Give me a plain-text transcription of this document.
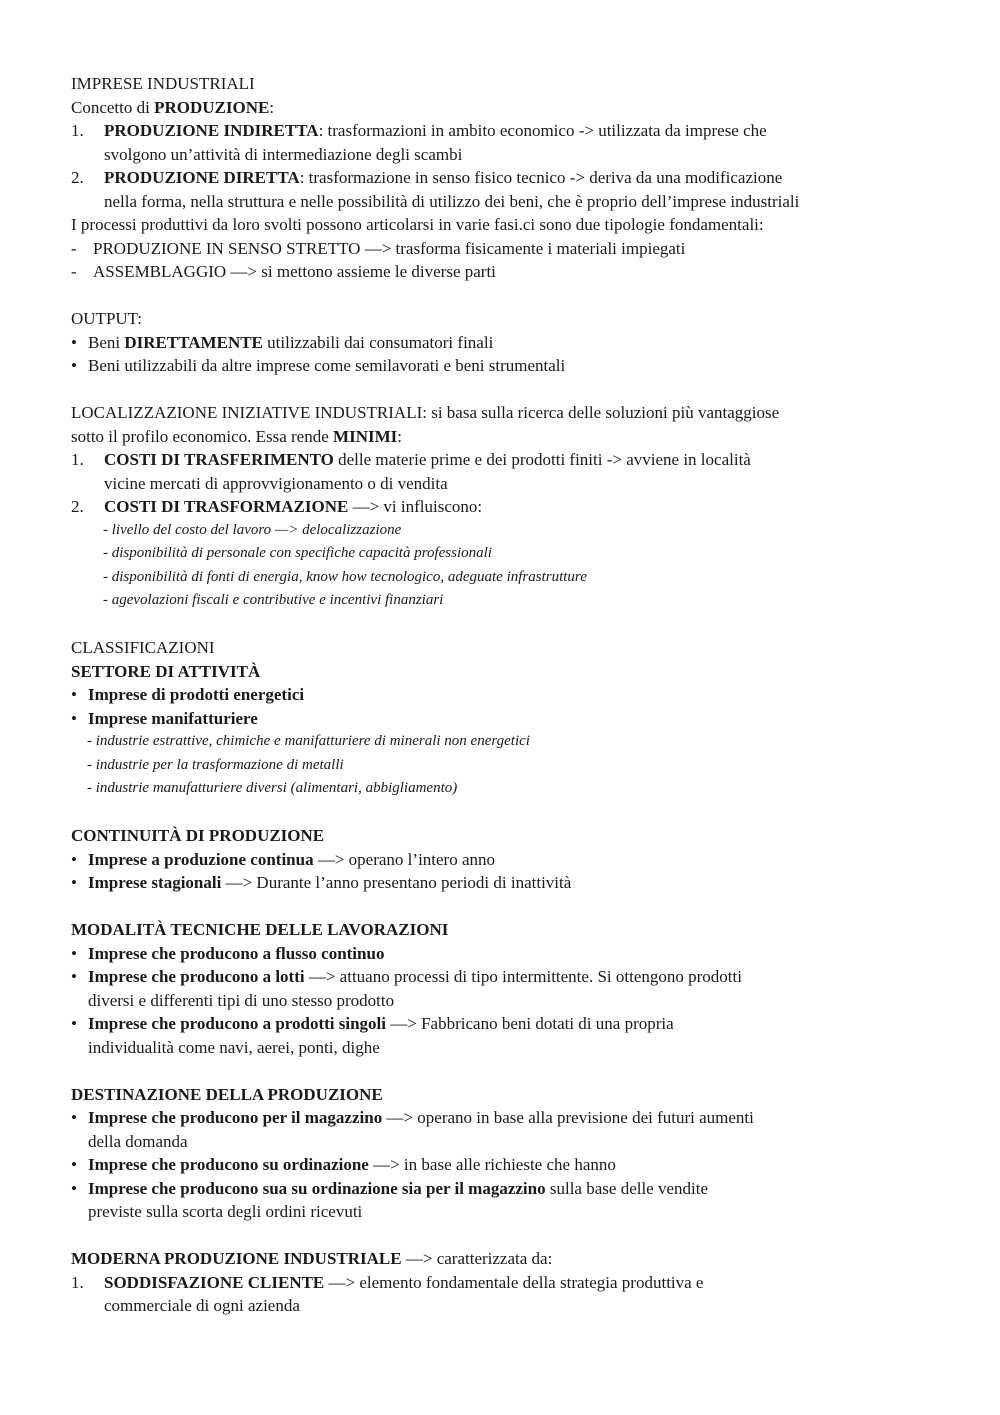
IMPRESE INDUSTRIALI
Concetto di PRODUZIONE:
1. PRODUZIONE INDIRETTA: trasformazioni in ambito economico -> utilizzata da imprese che
svolgono un’attività di intermediazione degli scambi
2. PRODUZIONE DIRETTA: trasformazione in senso fisico tecnico -> deriva da una modificazione
nella forma, nella struttura e nelle possibilità di utilizzo dei beni, che è proprio dell’imprese industriali
I processi produttivi da loro svolti possono articolarsi in varie fasi.ci sono due tipologie fondamentali:
- PRODUZIONE IN SENSO STRETTO —> trasforma fisicamente i materiali impiegati
- ASSEMBLAGGIO —> si mettono assieme le diverse parti
OUTPUT:
• Beni DIRETTAMENTE utilizzabili dai consumatori finali
• Beni utilizzabili da altre imprese come semilavorati e beni strumentali
LOCALIZZAZIONE INIZIATIVE INDUSTRIALI: si basa sulla ricerca delle soluzioni più vantaggiose
sotto il profilo economico. Essa rende MINIMI:
1. COSTI DI TRASFERIMENTO delle materie prime e dei prodotti finiti -> avviene in località
vicine mercati di approvvigionamento o di vendita
2. COSTI DI TRASFORMAZIONE —> vi influiscono:
- livello del costo del lavoro —> delocalizzazione
- disponibilità di personale con specifiche capacità professionali
- disponibilità di fonti di energia, know how tecnologico, adeguate infrastrutture
- agevolazioni fiscali e contributive e incentivi finanziari
CLASSIFICAZIONI
SETTORE DI ATTIVITÀ
• Imprese di prodotti energetici
• Imprese manifatturiere
- industrie estrattive, chimiche e manifatturiere di minerali non energetici
- industrie per la trasformazione di metalli
- industrie manufatturiere diversi (alimentari, abbigliamento)
CONTINUITÀ DI PRODUZIONE
• Imprese a produzione continua —> operano l’intero anno
• Imprese stagionali —> Durante l’anno presentano periodi di inattività
MODALITÀ TECNICHE DELLE LAVORAZIONI
• Imprese che producono a flusso continuo
• Imprese che producono a lotti —> attuano processi di tipo intermittente. Si ottengono prodotti
diversi e differenti tipi di uno stesso prodotto
• Imprese che producono a prodotti singoli —> Fabbricano beni dotati di una propria
individualità come navi, aerei, ponti, dighe
DESTINAZIONE DELLA PRODUZIONE
• Imprese che producono per il magazzino —> operano in base alla previsione dei futuri aumenti
della domanda
• Imprese che producono su ordinazione —> in base alle richieste che hanno
• Imprese che producono sua su ordinazione sia per il magazzino sulla base delle vendite
previste sulla scorta degli ordini ricevuti
MODERNA PRODUZIONE INDUSTRIALE —> caratterizzata da:
1. SODDISFAZIONE CLIENTE —> elemento fondamentale della strategia produttiva e
commerciale di ogni azienda
